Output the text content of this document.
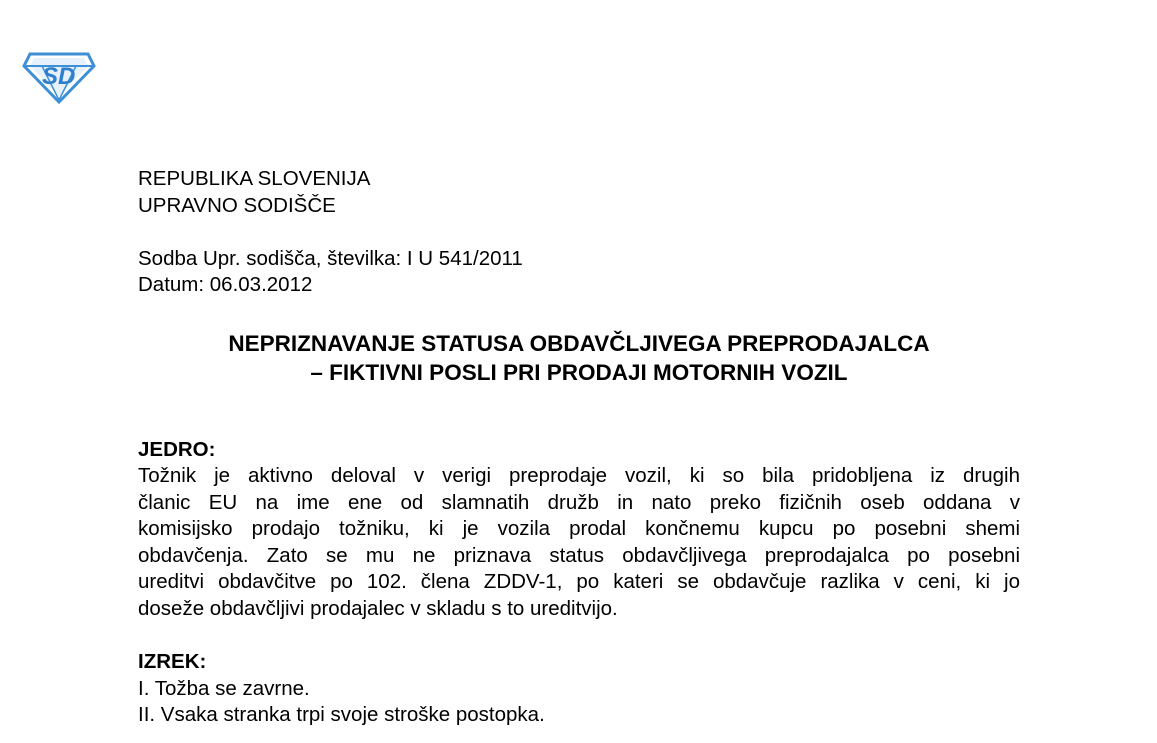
SD
REPUBLIKA SLOVENIJA
UPRAVNO SODIŠČE
Sodba Upr. sodišča, številka: I U 541/2011
Datum: 06.03.2012
NEPRIZNAVANJE STATUSA OBDAVČLJIVEGA PREPRODAJALCA
– FIKTIVNI POSLI PRI PRODAJI MOTORNIH VOZIL
JEDRO:
Tožnik je aktivno deloval v verigi preprodaje vozil, ki so bila pridobljena iz drugih
članic EU na ime ene od slamnatih družb in nato preko fizičnih oseb oddana v
komisijsko prodajo tožniku, ki je vozila prodal končnemu kupcu po posebni shemi
obdavčenja. Zato se mu ne priznava status obdavčljivega preprodajalca po posebni
ureditvi obdavčitve po 102. člena ZDDV-1, po kateri se obdavčuje razlika v ceni, ki jo
doseže obdavčljivi prodajalec v skladu s to ureditvijo.
IZREK:
I. Tožba se zavrne.
II. Vsaka stranka trpi svoje stroške postopka.
